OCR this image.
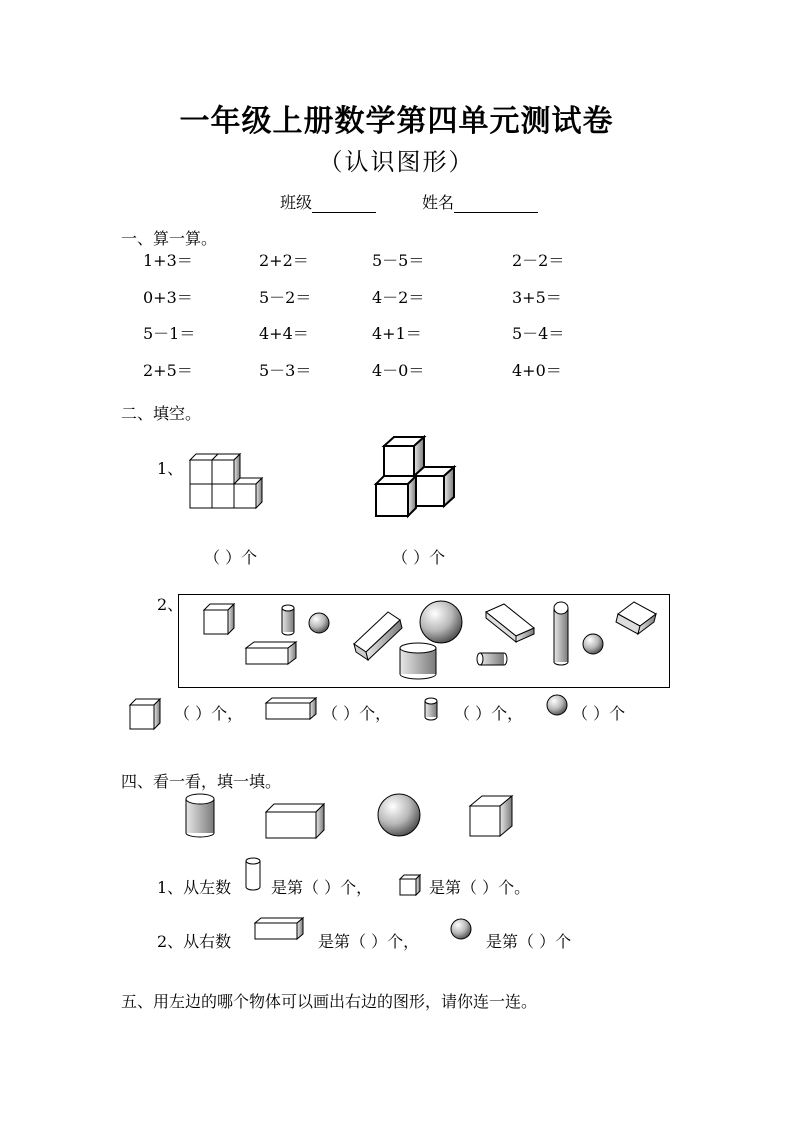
一年级上册数学第四单元测试卷
（认识图形）
班级	姓名
一、算一算。
1+3＝	2+2＝	5－5＝	2－2＝
0+3＝	5－2＝	4－2＝	3+5＝
5－1＝	4+4＝	4+1＝	5－4＝
2+5＝	5－3＝	4－0＝	4+0＝
二、填空。
1、
（ ）个	（ ）个
2、
（ ）个，	（ ）个，	（ ）个，	（ ）个
四、看一看，填一填。
1、从左数 是第（ ）个，	是第（ ）个。
2、从右数	是第（ ）个，	是第（ ）个
五、用左边的哪个物体可以画出右边的图形，请你连一连。
